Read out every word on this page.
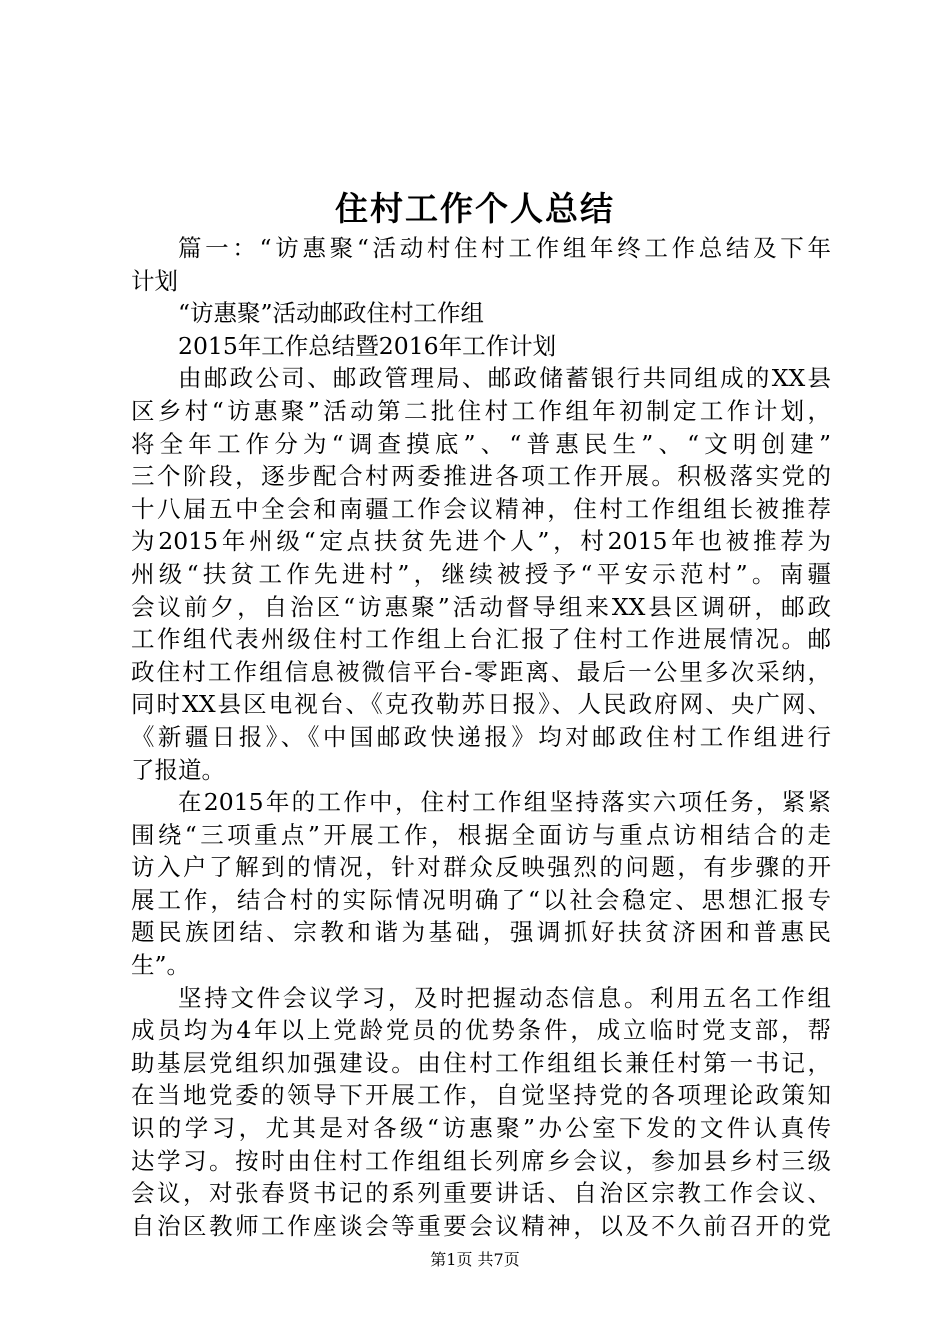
住村工作个人总结
篇一：“访惠聚“活动村住村工作组年终工作总结及下年
计划
“访惠聚”活动邮政住村工作组
2015年工作总结暨2016年工作计划
由邮政公司、邮政管理局、邮政储蓄银行共同组成的XX县
区乡村“访惠聚”活动第二批住村工作组年初制定工作计划，
将全年工作分为“调查摸底”、“普惠民生”、“文明创建”
三个阶段，逐步配合村两委推进各项工作开展。积极落实党的
十八届五中全会和南疆工作会议精神，住村工作组组长被推荐
为2015年州级“定点扶贫先进个人”，村2015年也被推荐为
州级“扶贫工作先进村”，继续被授予“平安示范村”。南疆
会议前夕，自治区“访惠聚”活动督导组来XX县区调研，邮政
工作组代表州级住村工作组上台汇报了住村工作进展情况。邮
政住村工作组信息被微信平台-零距离、最后一公里多次采纳，
同时XX县区电视台、《克孜勒苏日报》、人民政府网、央广网、
《新疆日报》、《中国邮政快递报》均对邮政住村工作组进行
了报道。
在2015年的工作中，住村工作组坚持落实六项任务，紧紧
围绕“三项重点”开展工作，根据全面访与重点访相结合的走
访入户了解到的情况，针对群众反映强烈的问题，有步骤的开
展工作，结合村的实际情况明确了“以社会稳定、思想汇报专
题民族团结、宗教和谐为基础，强调抓好扶贫济困和普惠民
生”。
坚持文件会议学习，及时把握动态信息。利用五名工作组
成员均为4年以上党龄党员的优势条件，成立临时党支部，帮
助基层党组织加强建设。由住村工作组组长兼任村第一书记，
在当地党委的领导下开展工作，自觉坚持党的各项理论政策知
识的学习，尤其是对各级“访惠聚”办公室下发的文件认真传
达学习。按时由住村工作组组长列席乡会议，参加县乡村三级
会议，对张春贤书记的系列重要讲话、自治区宗教工作会议、
自治区教师工作座谈会等重要会议精神，以及不久前召开的党
第1页 共7页
